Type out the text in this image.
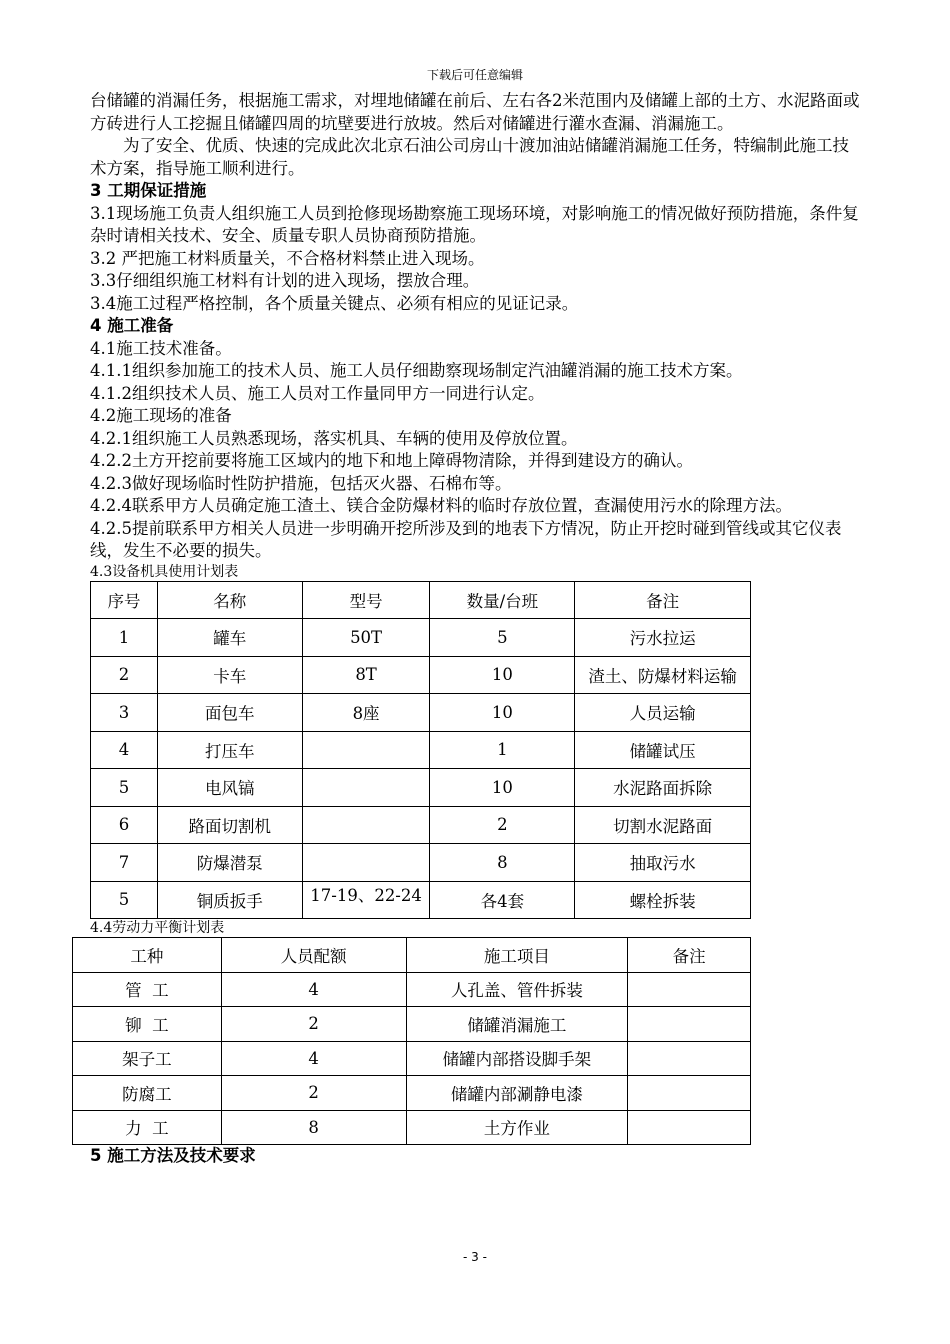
下载后可任意编辑

台储罐的消漏任务，根据施工需求，对埋地储罐在前后、左右各2米范围内及储罐上部的土方、水泥路面或方砖进行人工挖掘且储罐四周的坑壁要进行放坡。然后对储罐进行灌水查漏、消漏施工。

为了安全、优质、快速的完成此次北京石油公司房山十渡加油站储罐消漏施工任务，特编制此施工技术方案，指导施工顺利进行。

3 工期保证措施

3.1现场施工负责人组织施工人员到抢修现场勘察施工现场环境，对影响施工的情况做好预防措施，条件复杂时请相关技术、安全、质量专职人员协商预防措施。

3.2 严把施工材料质量关，不合格材料禁止进入现场。

3.3仔细组织施工材料有计划的进入现场，摆放合理。

3.4施工过程严格控制，各个质量关键点、必须有相应的见证记录。

4 施工准备

4.1施工技术准备。

4.1.1组织参加施工的技术人员、施工人员仔细勘察现场制定汽油罐消漏的施工技术方案。

4.1.2组织技术人员、施工人员对工作量同甲方一同进行认定。

4.2施工现场的准备

4.2.1组织施工人员熟悉现场，落实机具、车辆的使用及停放位置。

4.2.2土方开挖前要将施工区域内的地下和地上障碍物清除，并得到建设方的确认。

4.2.3做好现场临时性防护措施，包括灭火器、石棉布等。

4.2.4联系甲方人员确定施工渣土、镁合金防爆材料的临时存放位置，查漏使用污水的除理方法。

4.2.5提前联系甲方相关人员进一步明确开挖所涉及到的地表下方情况，防止开挖时碰到管线或其它仪表线，发生不必要的损失。

4.3设备机具使用计划表

序号	名称	型号	数量/台班	备注
1	罐车	50T	5	污水拉运
2	卡车	8T	10	渣土、防爆材料运输
3	面包车	8座	10	人员运输
4	打压车		1	储罐试压
5	电风镐		10	水泥路面拆除
6	路面切割机		2	切割水泥路面
7	防爆潜泵		8	抽取污水
5	铜质扳手	17-19、22-24	各4套	螺栓拆装

4.4劳动力平衡计划表

工种	人员配额	施工项目	备注
管  工	4	人孔盖、管件拆装	
铆  工	2	储罐消漏施工	
架子工	4	储罐内部搭设脚手架	
防腐工	2	储罐内部涮静电漆	
力  工	8	土方作业	

5 施工方法及技术要求

- 3 -
